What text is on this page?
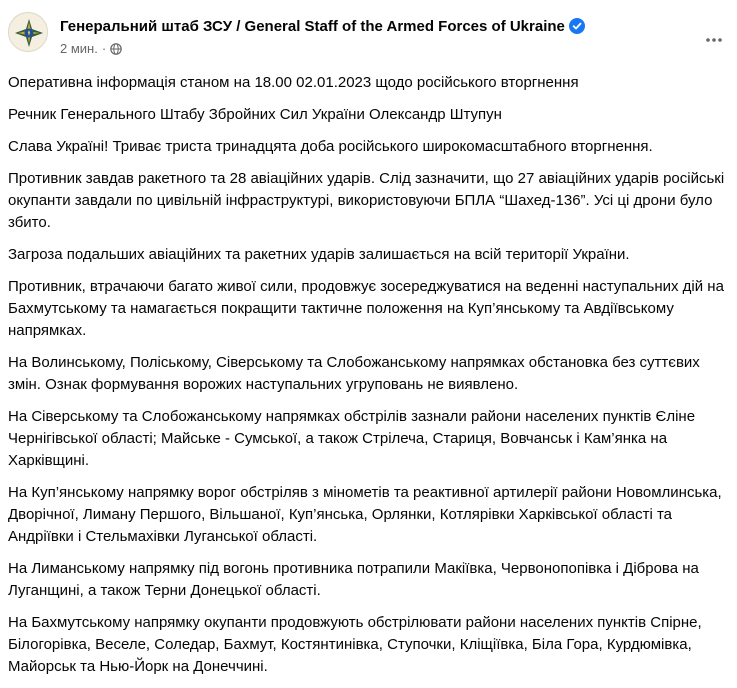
Генеральний штаб ЗСУ / General Staff of the Armed Forces of Ukraine
2 мин. ·

Оперативна інформація станом на 18.00 02.01.2023 щодо російського вторгнення

Речник Генерального Штабу Збройних Сил України Олександр Штупун

Слава Україні! Триває триста тринадцята доба російського широкомасштабного вторгнення.

Противник завдав ракетного та 28 авіаційних ударів. Слід зазначити, що 27 авіаційних ударів російські окупанти завдали по цивільній інфраструктурі, використовуючи БПЛА “Шахед-136”. Усі ці дрони було збито.

Загроза подальших авіаційних та ракетних ударів залишається на всій території України.

Противник, втрачаючи багато живої сили, продовжує зосереджуватися на веденні наступальних дій на Бахмутському та намагається покращити тактичне положення на Куп’янському та Авдіївському напрямках.

На Волинському, Поліському, Сіверському та Слобожанському напрямках обстановка без суттєвих змін. Ознак формування ворожих наступальних угруповань не виявлено.

На Сіверському та Слобожанському напрямках обстрілів зазнали райони населених пунктів Єліне Чернігівської області; Майське - Сумської, а також Стрілеча, Стариця, Вовчанськ і Кам’янка на Харківщині.

На Куп’янському напрямку ворог обстріляв з мінометів та реактивної артилерії райони Новомлинська, Дворічної, Лиману Першого, Вільшаної, Куп’янська, Орлянки, Котлярівки Харківської області та Андріївки і Стельмахівки Луганської області.

На Лиманському напрямку під вогонь противника потрапили Макіївка, Червонопопівка і Діброва на Луганщині, а також Терни Донецької області.

На Бахмутському напрямку окупанти продовжують обстрілювати райони населених пунктів Спірне, Білогорівка, Веселе, Соледар, Бахмут, Костянтинівка, Ступочки, Кліщіївка, Біла Гора, Курдюмівка, Майорськ та Нью-Йорк на Донеччині.
